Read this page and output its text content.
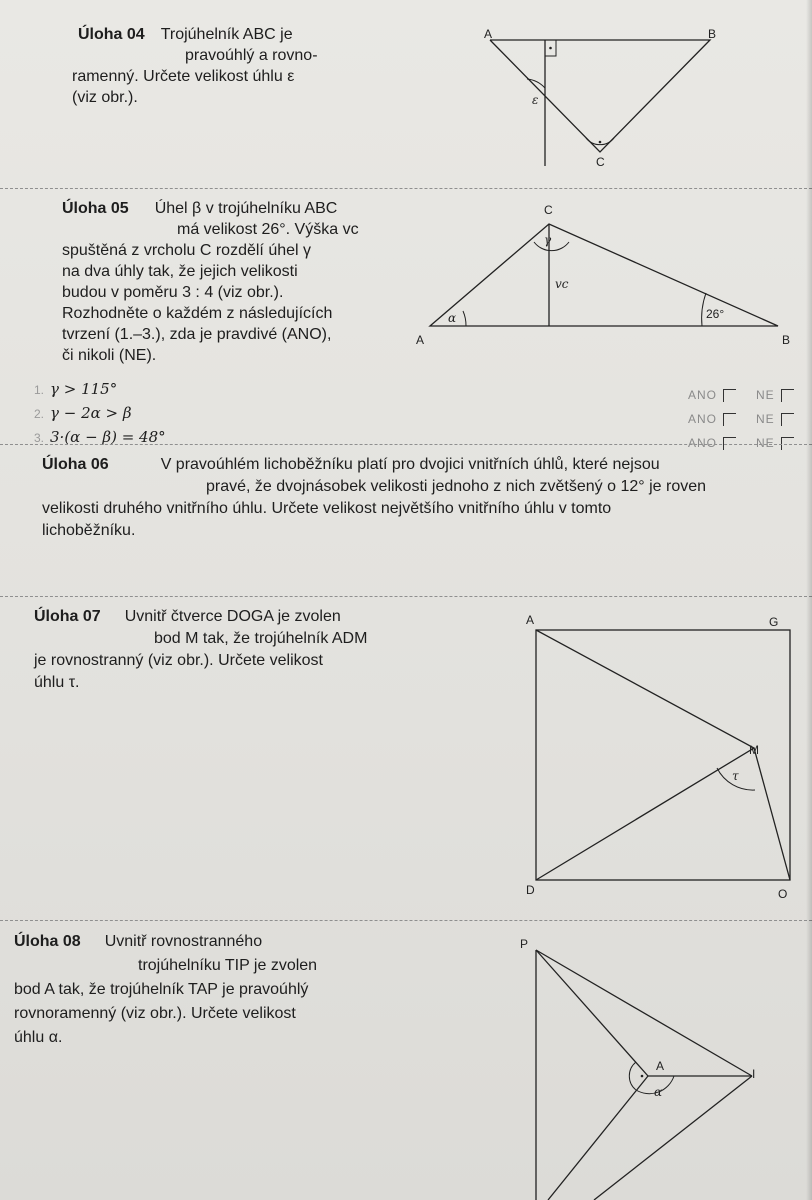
Úloha 04 Trojúhelník ABC je
pravoúhlý a rovno-
ramenný. Určete velikost úhlu ε
(viz obr.).
A	B
C
ε
Úloha 05 Úhel β v trojúhelníku ABC
má velikost 26°. Výška vc
spuštěná z vrcholu C rozdělí úhel γ
na dva úhly tak, že jejich velikosti
budou v poměru 3 : 4 (viz obr.).
Rozhodněte o každém z následujících
tvrzení (1.–3.), zda je pravdivé (ANO),
či nikoli (NE).
C
A	B
α
γ
vc
26°
1. γ > 115°
2. γ − 2α > β
3. 3·(α − β) = 48°
ANO	NE
ANO	NE
ANO	NE
Úloha 06	V pravoúhlém lichoběžníku platí pro dvojici vnitřních úhlů, které nejsou
pravé, že dvojnásobek velikosti jednoho z nich zvětšený o 12° je roven
velikosti druhého vnitřního úhlu. Určete velikost největšího vnitřního úhlu v tomto
lichoběžníku.
Úloha 07 Uvnitř čtverce DOGA je zvolen
bod M tak, že trojúhelník ADM
je rovnostranný (viz obr.). Určete velikost
úhlu τ.
A	G
M
D	O
τ
Úloha 08 Uvnitř rovnostranného
trojúhelníku TIP je zvolen
bod A tak, že trojúhelník TAP je pravoúhlý
rovnoramenný (viz obr.). Určete velikost
úhlu α.
P
I
A
α
